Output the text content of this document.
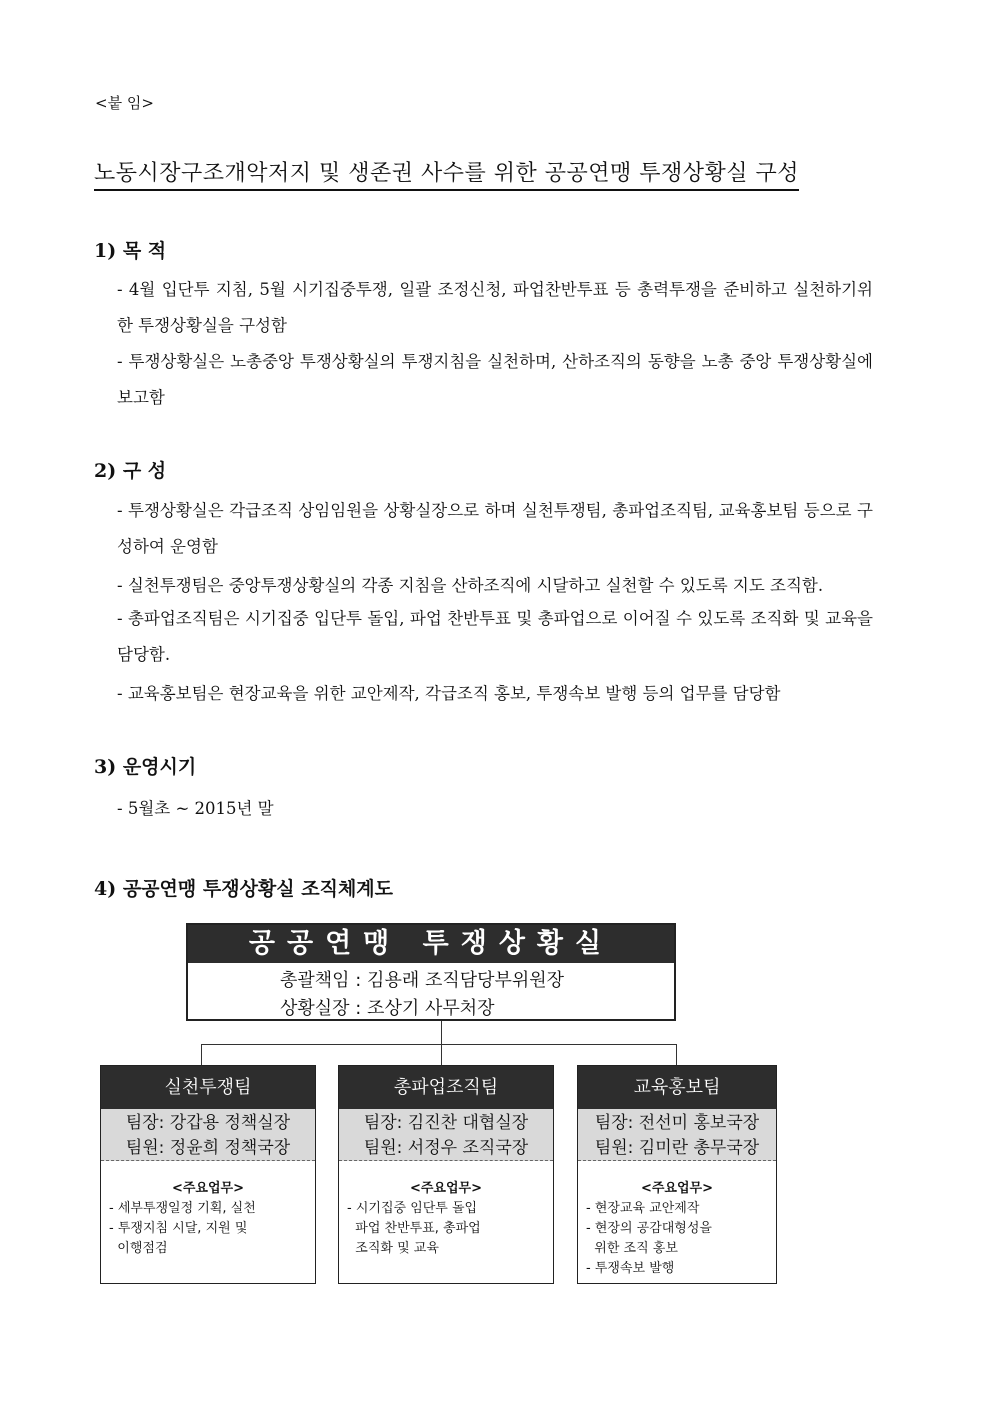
<붙 임>
노동시장구조개악저지 및 생존권 사수를 위한 공공연맹 투쟁상황실 구성
1) 목 적
- 4월 입단투 지침, 5월 시기집중투쟁, 일괄 조정신청, 파업찬반투표 등 총력투쟁을 준비하고 실천하기위한 투쟁상황실을 구성함
- 투쟁상황실은 노총중앙 투쟁상황실의 투쟁지침을 실천하며, 산하조직의 동향을 노총 중앙 투쟁상황실에 보고함
2) 구 성
- 투쟁상황실은 각급조직 상임임원을 상황실장으로 하며 실천투쟁팀, 총파업조직팀, 교육홍보팀 등으로 구성하여 운영함
- 실천투쟁팀은 중앙투쟁상황실의 각종 지침을 산하조직에 시달하고 실천할 수 있도록 지도 조직함.
- 총파업조직팀은 시기집중 입단투 돌입, 파업 찬반투표 및 총파업으로 이어질 수 있도록 조직화 및 교육을 담당함.
- 교육홍보팀은 현장교육을 위한 교안제작, 각급조직 홍보, 투쟁속보 발행 등의 업무를 담당함
3) 운영시기
- 5월초 ~ 2015년 말
4) 공공연맹 투쟁상황실 조직체계도
공공연맹 투쟁상황실
총괄책임 : 김용래 조직담당부위원장
상황실장 : 조상기 사무처장
실천투쟁팀
팀장: 강갑용 정책실장
팀원: 정윤희 정책국장
<주요업무>
- 세부투쟁일정 기획, 실천
- 투쟁지침 시달, 지원 및
이행점검
총파업조직팀
팀장: 김진찬 대협실장
팀원: 서정우 조직국장
<주요업무>
- 시기집중 임단투 돌입
파업 찬반투표, 총파업
조직화 및 교육
교육홍보팀
팀장: 전선미 홍보국장
팀원: 김미란 총무국장
<주요업무>
- 현장교육 교안제작
- 현장의 공감대형성을
위한 조직 홍보
- 투쟁속보 발행
